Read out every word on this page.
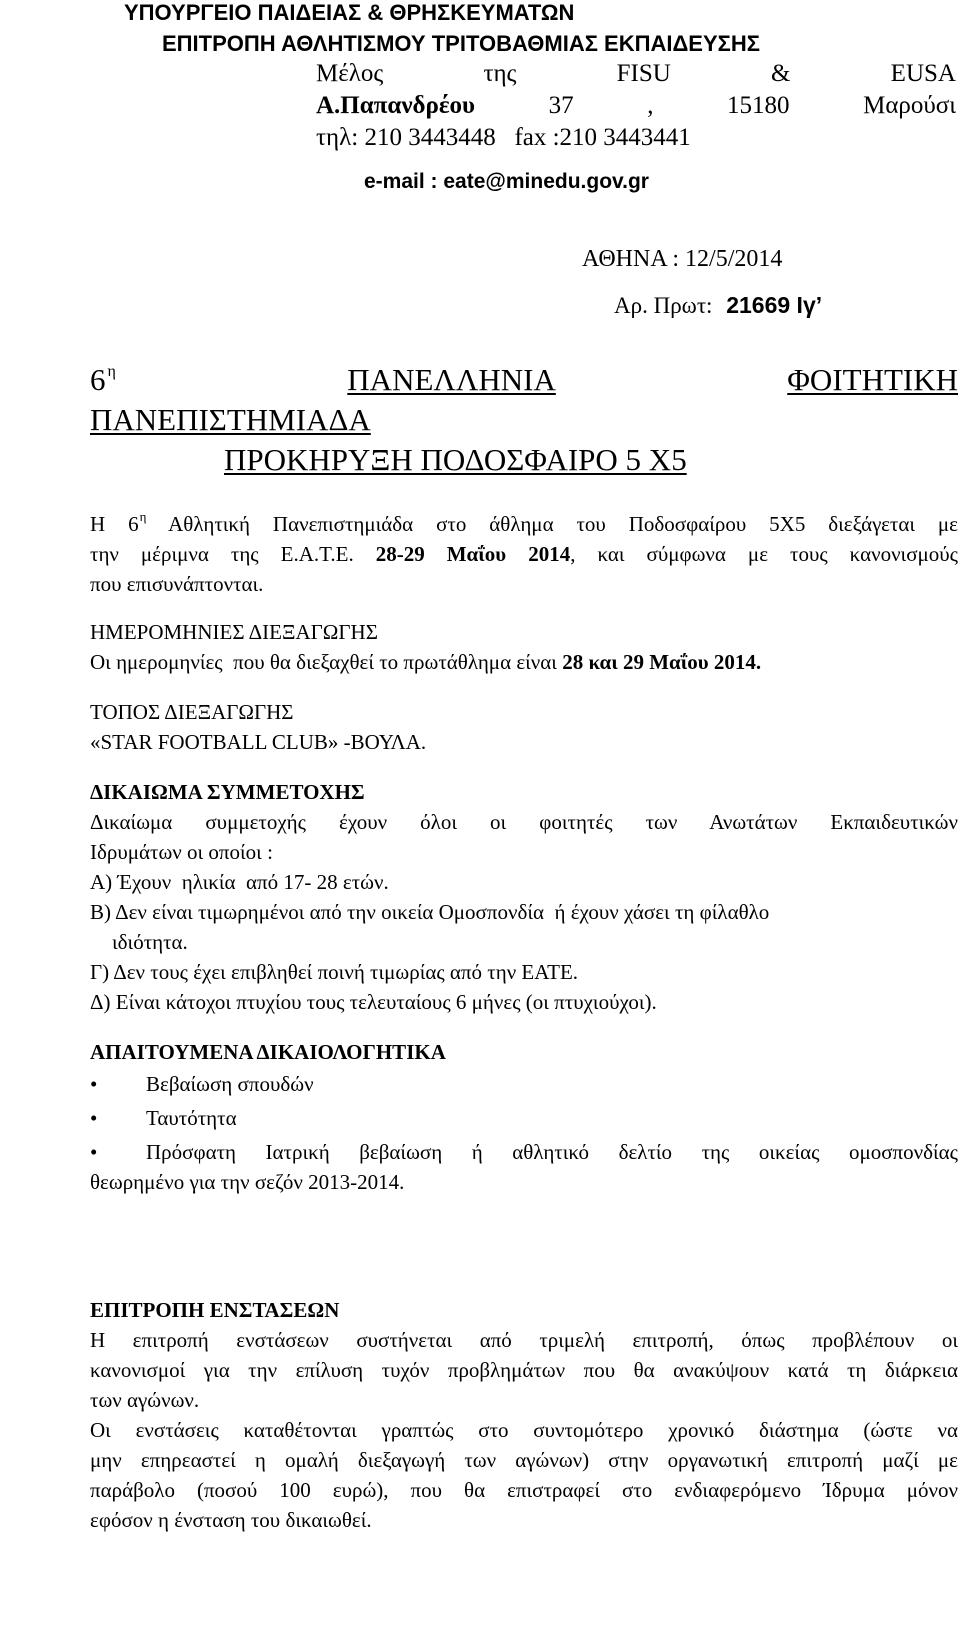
ΥΠΟΥΡΓΕΙΟ ΠΑΙΔΕΙΑΣ & ΘΡΗΣΚΕΥΜΑΤΩΝ
ΕΠΙΤΡΟΠΗ ΑΘΛΗΤΙΣΜΟΥ ΤΡΙΤΟΒΑΘΜΙΑΣ ΕΚΠΑΙΔΕΥΣΗΣ
Μέλος	της	FISU	&	EUSA
Α.Παπανδρέου	37	,	15180	Μαρούσι
τηλ: 210 3443448   fax :210 3443441
e-mail : eate@minedu.gov.gr
ΑΘΗΝΑ : 12/5/2014
Αρ. Πρωτ: 21669 Ιγ’
6 $^\eta$	ΠΑΝΕΛΛΗΝΙΑ	ΦΟΙΤΗΤΙΚΗ
ΠΑΝΕΠΙΣΤΗΜΙΑΔΑ
ΠΡΟΚΗΡΥΞΗ ΠΟΔΟΣΦΑΙΡΟ 5 Χ5
Η $6^\eta$ Αθλητική Πανεπιστημιάδα στο άθλημα του Ποδοσφαίρου 5Χ5 διεξάγεται με
την μέριμνα της Ε.Α.Τ.Ε. 28-29 Μαΐου 2014, και σύμφωνα με τους κανονισμούς
που επισυνάπτονται.
ΗΜΕΡΟΜΗΝΙΕΣ ΔΙΕΞΑΓΩΓΗΣ
Οι ημερομηνίες  που θα διεξαχθεί το πρωτάθλημα είναι 28 και 29 Μαΐου 2014.
ΤΟΠΟΣ ΔΙΕΞΑΓΩΓΗΣ
«STAR FOOTBALL CLUB» -ΒΟΥΛΑ.
ΔΙΚΑΙΩΜΑ ΣΥΜΜΕΤΟΧΗΣ
Δικαίωμα συμμετοχής έχουν όλοι οι φοιτητές των Ανωτάτων Εκπαιδευτικών
Ιδρυμάτων οι οποίοι :
Α) Έχουν  ηλικία  από 17- 28 ετών.
Β) Δεν είναι τιμωρημένοι από την οικεία Ομοσπονδία  ή έχουν χάσει τη φίλαθλο
ιδιότητα.
Γ) Δεν τους έχει επιβληθεί ποινή τιμωρίας από την ΕΑΤΕ.
Δ) Είναι κάτοχοι πτυχίου τους τελευταίους 6 μήνες (οι πτυχιούχοι).
ΑΠΑΙΤΟΥΜΕΝΑ ΔΙΚΑΙΟΛΟΓΗΤΙΚΑ
• Βεβαίωση σπουδών
• Ταυτότητα
•	Πρόσφατη Ιατρική βεβαίωση ή αθλητικό δελτίο της οικείας ομοσπονδίας
θεωρημένο για την σεζόν 2013-2014.
ΕΠΙΤΡΟΠΗ ΕΝΣΤΑΣΕΩΝ
Η επιτροπή ενστάσεων συστήνεται από τριμελή επιτροπή, όπως προβλέπουν οι
κανονισμοί για την επίλυση τυχόν προβλημάτων που θα ανακύψουν κατά τη διάρκεια
των αγώνων.
Οι ενστάσεις καταθέτονται γραπτώς στο συντομότερο χρονικό διάστημα (ώστε να
μην επηρεαστεί η ομαλή διεξαγωγή των αγώνων) στην οργανωτική επιτροπή μαζί με
παράβολο (ποσού 100 ευρώ), που θα επιστραφεί στο ενδιαφερόμενο Ίδρυμα μόνον
εφόσον η ένσταση του δικαιωθεί.
